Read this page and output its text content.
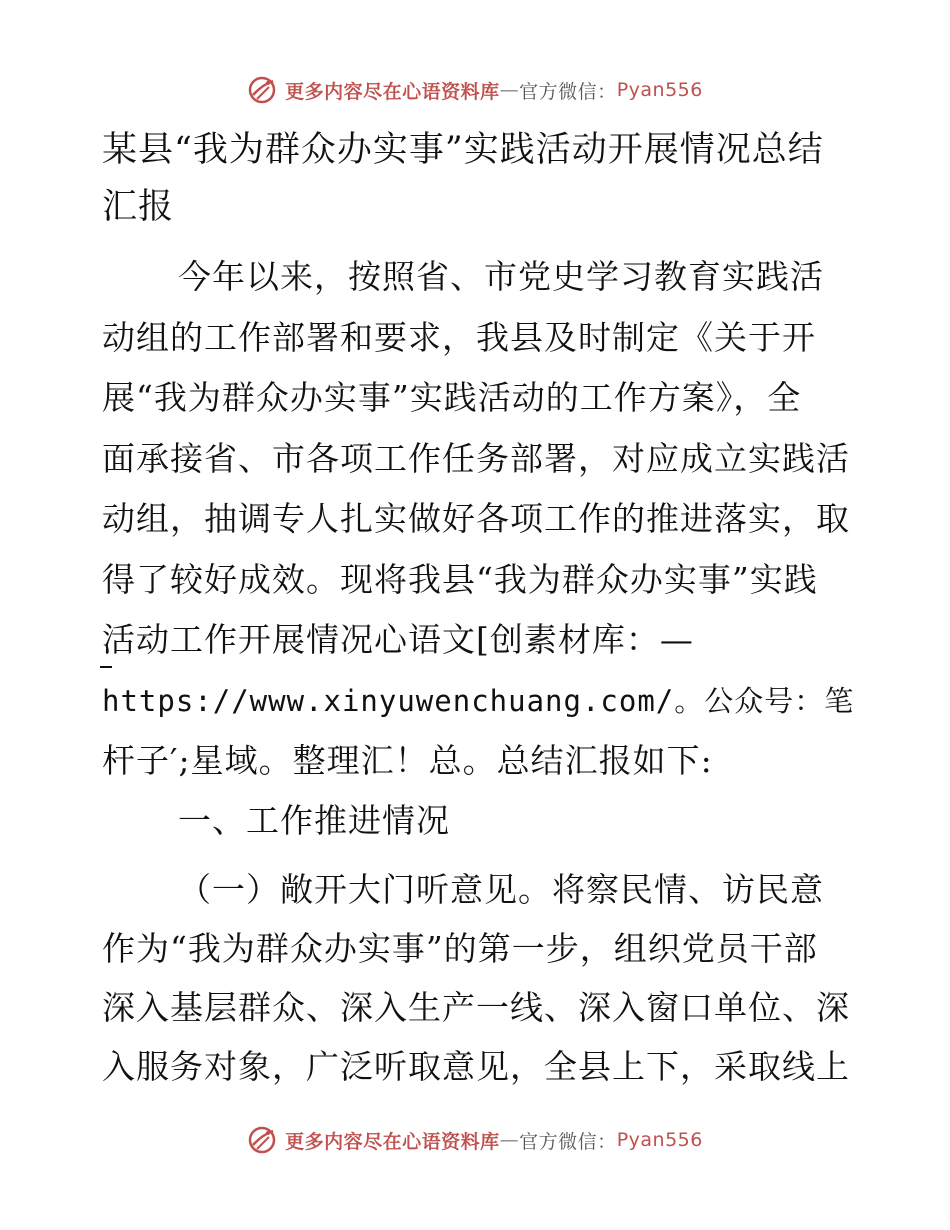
更多内容尽在心语资料库 — 官方微信： Pyan556
某县“我为群众办实事”实践活动开展情况总结
汇报

今年以来，按照省、市党史学习教育实践活
动组的工作部署和要求，我县及时制定《关于开
展“我为群众办实事”实践活动的工作方案》，全
面承接省、市各项工作任务部署，对应成立实践活
动组，抽调专人扎实做好各项工作的推进落实，取
得了较好成效。现将我县“我为群众办实事”实践
活动工作开展情况心语文[创素材库：—
https://www.xinyuwenchuang.com/。公众号：笔
杆子′;星域。整理汇！总。总结汇报如下:

一、工作推进情况

（一）敞开大门听意见。将察民情、访民意
作为“我为群众办实事”的第一步，组织党员干部
深入基层群众、深入生产一线、深入窗口单位、深
入服务对象，广泛听取意见，全县上下，采取线上

更多内容尽在心语资料库 — 官方微信： Pyan556
